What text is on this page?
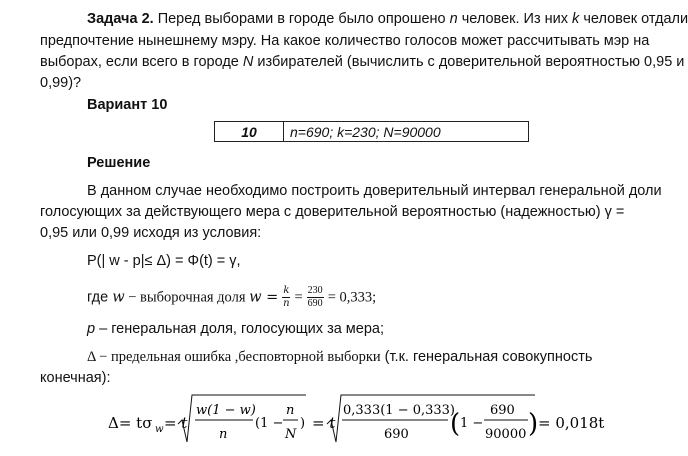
Задача 2. Перед выборами в городе было опрошено n человек. Из них k человек отдали
предпочтение нынешнему мэру. На какое количество голосов может рассчитывать мэр на
выборах, если всего в городе N избирателей (вычислить с доверительной вероятностью 0,95 и
0,99)?
Вариант 10
10	n=690; k=230; N=90000
Решение
В данном случае необходимо построить доверительный интервал генеральной доли
голосующих за действующего мера с доверительной вероятностью (надежностью) γ =
0,95 или 0,99 исходя из условия:
P(| w - p|≤ Δ) = Φ(t) = γ,
где w − выборочная доля $w = \frac{k}{n} = \frac{230}{690} = 0,333$;
p – генеральная доля, голосующих за мера;
Δ − предельная ошибка ,бесповторной выборки (т.к. генеральная совокупность
конечная):
Δ= tσ w = t
w(1 − w)
n
(1 −
n
N
) = t
0,333(1 − 0,333)
690 ( 1 −
690
90000 ) = 0,018t
